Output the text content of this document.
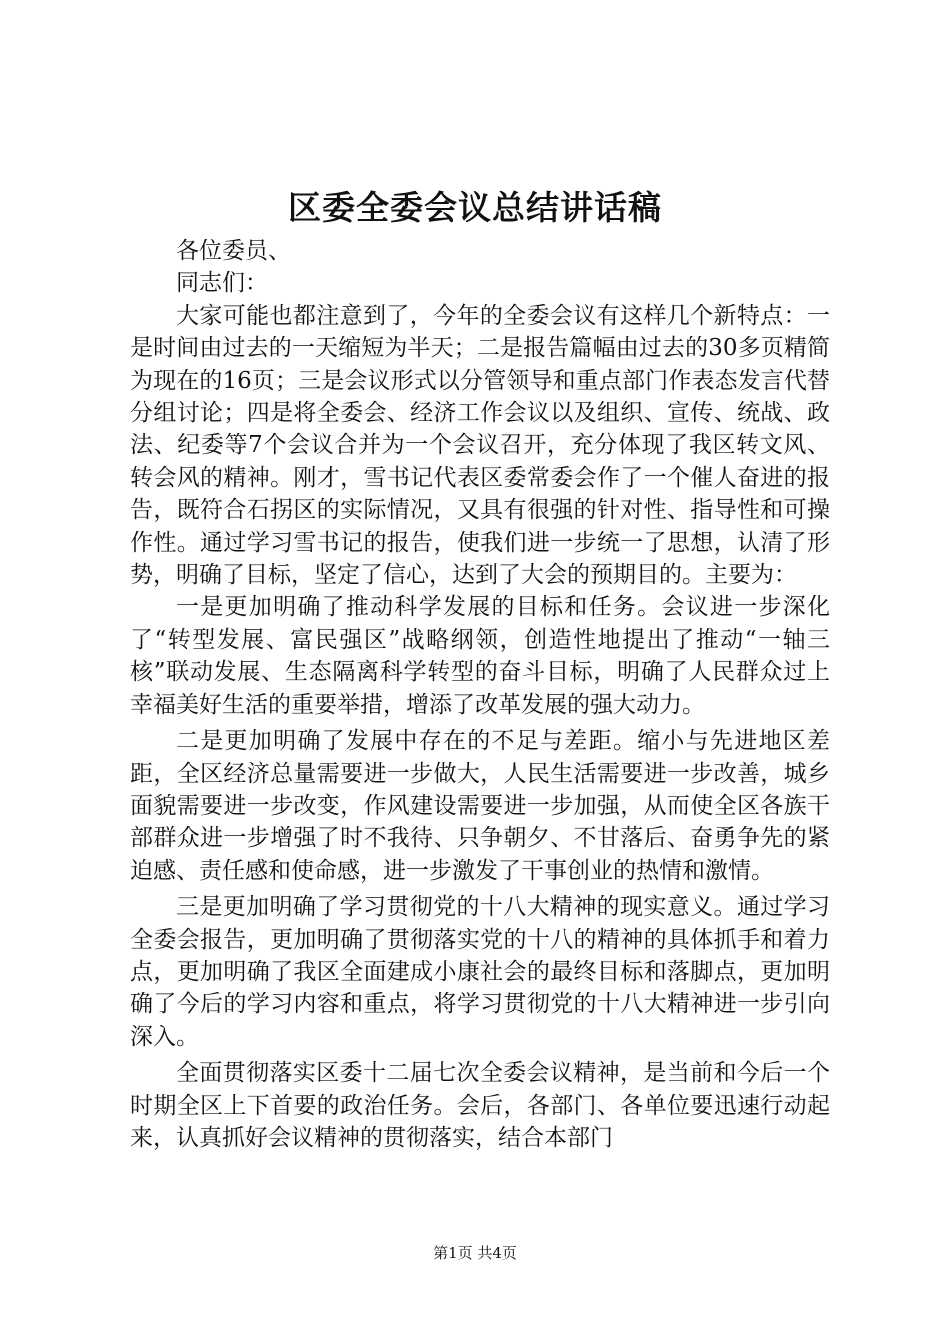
区委全委会议总结讲话稿

各位委员、

同志们：

大家可能也都注意到了，今年的全委会议有这样几个新特点：一是时间由过去的一天缩短为半天；二是报告篇幅由过去的30多页精简为现在的16页；三是会议形式以分管领导和重点部门作表态发言代替分组讨论；四是将全委会、经济工作会议以及组织、宣传、统战、政法、纪委等7个会议合并为一个会议召开，充分体现了我区转文风、转会风的精神。刚才，雪书记代表区委常委会作了一个催人奋进的报告，既符合石拐区的实际情况，又具有很强的针对性、指导性和可操作性。通过学习雪书记的报告，使我们进一步统一了思想，认清了形势，明确了目标，坚定了信心，达到了大会的预期目的。主要为：

一是更加明确了推动科学发展的目标和任务。会议进一步深化了“转型发展、富民强区”战略纲领，创造性地提出了推动“一轴三核”联动发展、生态隔离科学转型的奋斗目标，明确了人民群众过上幸福美好生活的重要举措，增添了改革发展的强大动力。

二是更加明确了发展中存在的不足与差距。缩小与先进地区差距，全区经济总量需要进一步做大，人民生活需要进一步改善，城乡面貌需要进一步改变，作风建设需要进一步加强，从而使全区各族干部群众进一步增强了时不我待、只争朝夕、不甘落后、奋勇争先的紧迫感、责任感和使命感，进一步激发了干事创业的热情和激情。

三是更加明确了学习贯彻党的十八大精神的现实意义。通过学习全委会报告，更加明确了贯彻落实党的十八的精神的具体抓手和着力点，更加明确了我区全面建成小康社会的最终目标和落脚点，更加明确了今后的学习内容和重点，将学习贯彻党的十八大精神进一步引向深入。

全面贯彻落实区委十二届七次全委会议精神，是当前和今后一个时期全区上下首要的政治任务。会后，各部门、各单位要迅速行动起来，认真抓好会议精神的贯彻落实，结合本部门

第1页 共4页
